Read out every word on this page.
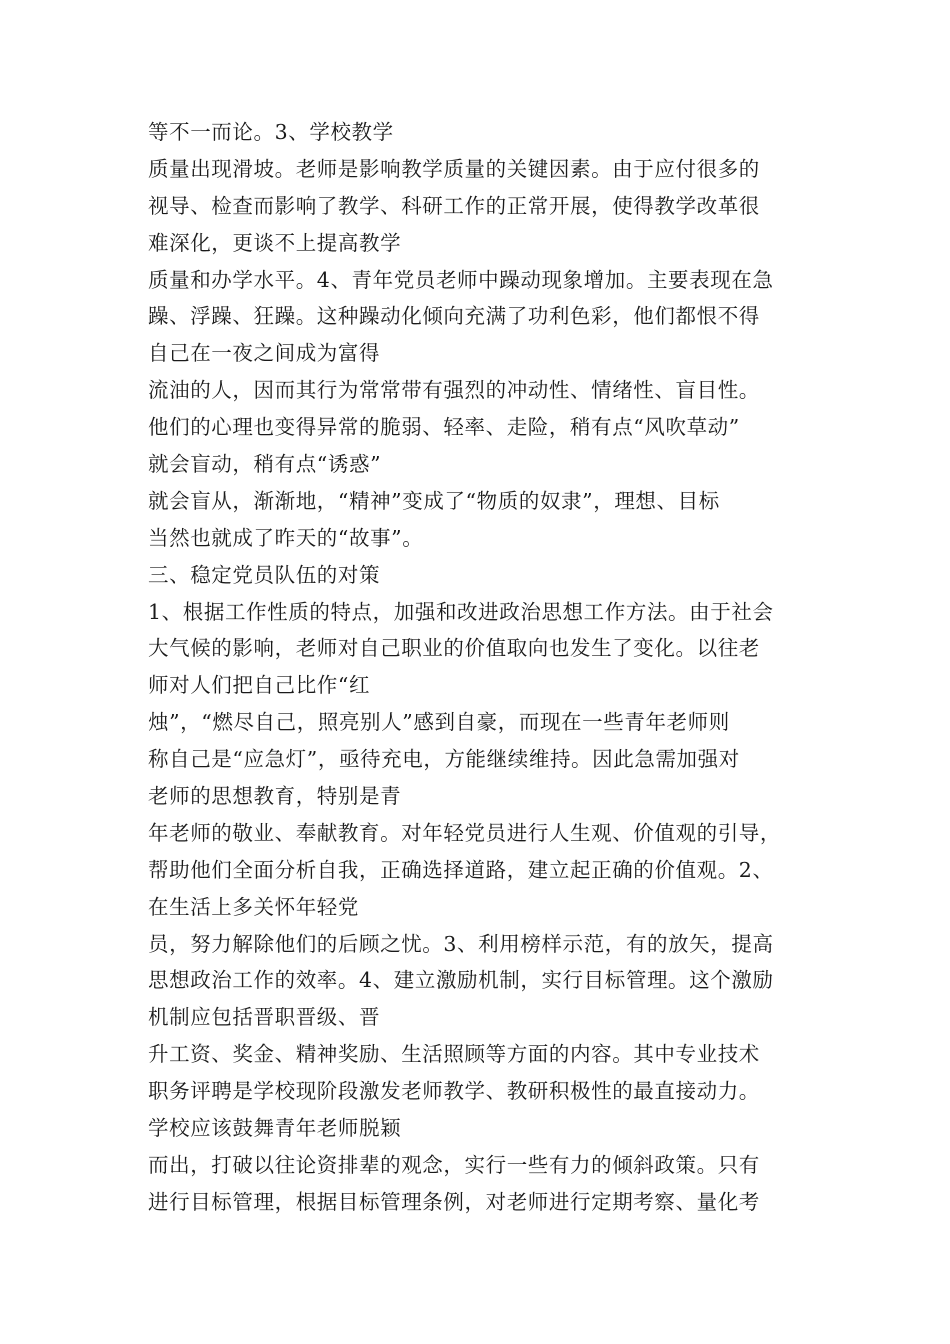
等不一而论。3、学校教学
质量出现滑坡。老师是影响教学质量的关键因素。由于应付很多的
视导、检查而影响了教学、科研工作的正常开展，使得教学改革很
难深化，更谈不上提高教学
质量和办学水平。4、青年党员老师中躁动现象增加。主要表现在急
躁、浮躁、狂躁。这种躁动化倾向充满了功利色彩，他们都恨不得
自己在一夜之间成为富得
流油的人，因而其行为常常带有强烈的冲动性、情绪性、盲目性。
他们的心理也变得异常的脆弱、轻率、走险，稍有点“风吹草动”
就会盲动，稍有点“诱惑”
就会盲从，渐渐地，“精神”变成了“物质的奴隶”，理想、目标
当然也就成了昨天的“故事”。
三、稳定党员队伍的对策
1、根据工作性质的特点，加强和改进政治思想工作方法。由于社会
大气候的影响，老师对自己职业的价值取向也发生了变化。以往老
师对人们把自己比作“红
烛”，“燃尽自己，照亮别人”感到自豪，而现在一些青年老师则
称自己是“应急灯”，亟待充电，方能继续维持。因此急需加强对
老师的思想教育，特别是青
年老师的敬业、奉献教育。对年轻党员进行人生观、价值观的引导，
帮助他们全面分析自我，正确选择道路，建立起正确的价值观。2、
在生活上多关怀年轻党
员，努力解除他们的后顾之忧。3、利用榜样示范，有的放矢，提高
思想政治工作的效率。4、建立激励机制，实行目标管理。这个激励
机制应包括晋职晋级、晋
升工资、奖金、精神奖励、生活照顾等方面的内容。其中专业技术
职务评聘是学校现阶段激发老师教学、教研积极性的最直接动力。
学校应该鼓舞青年老师脱颖
而出，打破以往论资排辈的观念，实行一些有力的倾斜政策。只有
进行目标管理，根据目标管理条例，对老师进行定期考察、量化考
